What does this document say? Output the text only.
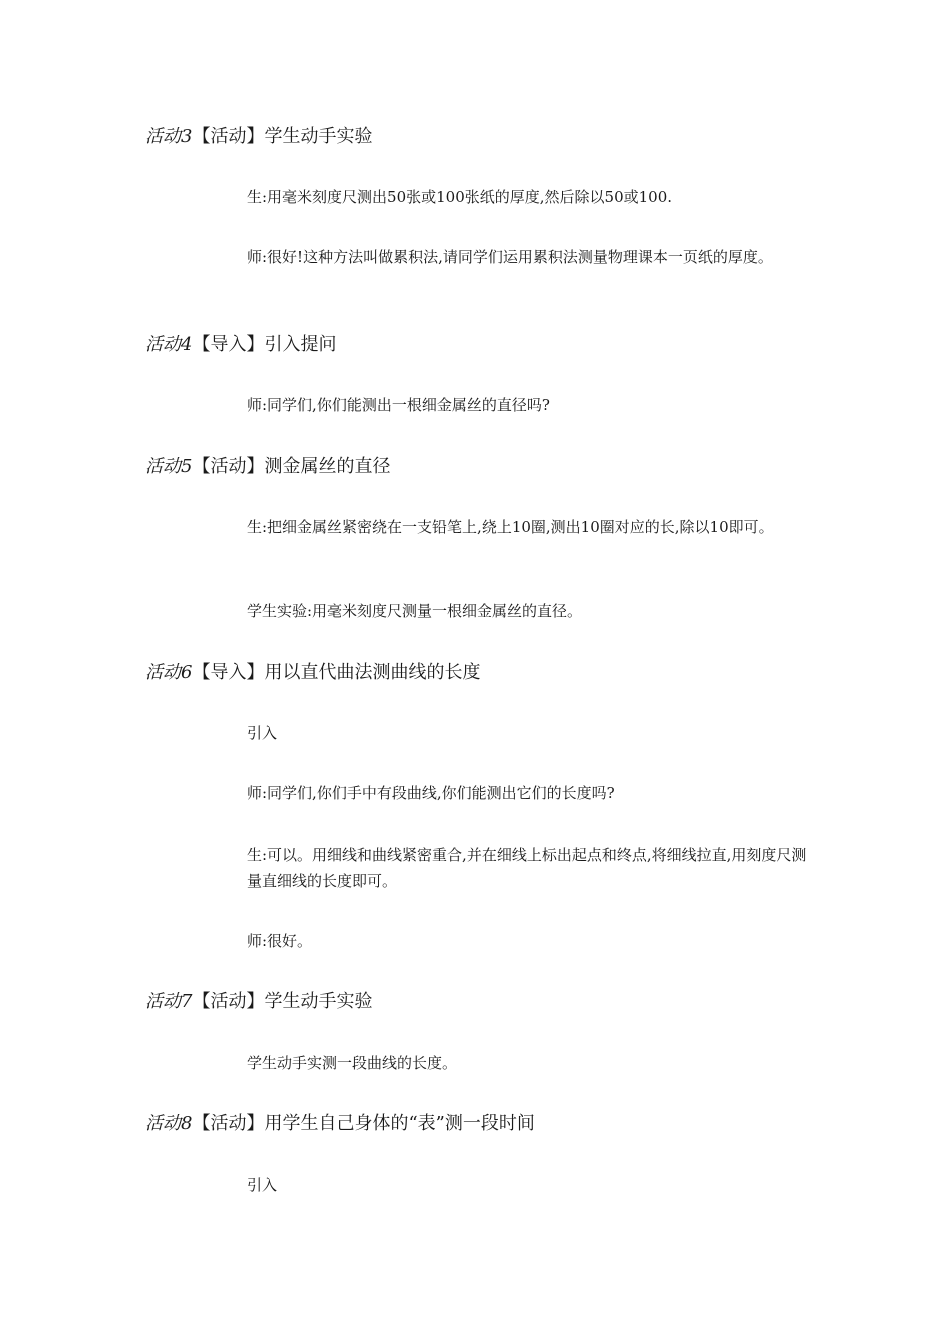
活动3【活动】学生动手实验

生:用毫米刻度尺测出50张或100张纸的厚度,然后除以50或100.

师:很好!这种方法叫做累积法,请同学们运用累积法测量物理课本一页纸的厚度。

活动4【导入】引入提问

师:同学们,你们能测出一根细金属丝的直径吗?

活动5【活动】测金属丝的直径

生:把细金属丝紧密绕在一支铅笔上,绕上10圈,测出10圈对应的长,除以10即可。

学生实验:用毫米刻度尺测量一根细金属丝的直径。

活动6【导入】用以直代曲法测曲线的长度

引入

师:同学们,你们手中有段曲线,你们能测出它们的长度吗?

生:可以。用细线和曲线紧密重合,并在细线上标出起点和终点,将细线拉直,用刻度尺测量直细线的长度即可。

师:很好。

活动7【活动】学生动手实验

学生动手实测一段曲线的长度。

活动8【活动】用学生自己身体的“表”测一段时间

引入
